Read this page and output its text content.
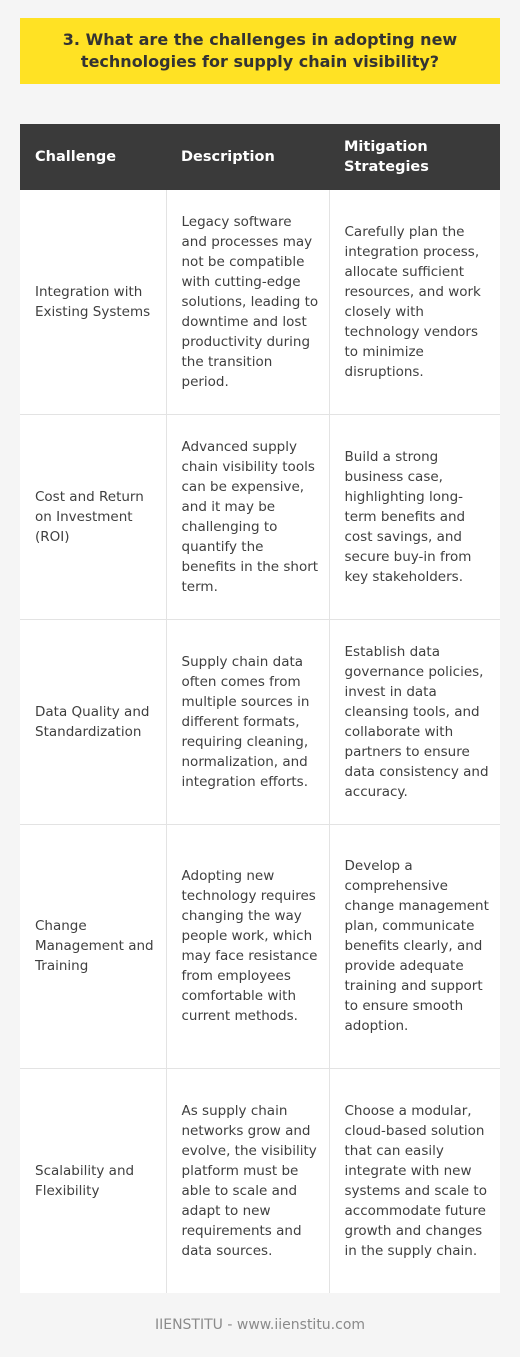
3. What are the challenges in adopting new technologies for supply chain visibility?
Challenge	Description	Mitigation Strategies
Integration with Existing Systems	Legacy software and processes may not be compatible with cutting-edge solutions, leading to downtime and lost productivity during the transition period.	Carefully plan the integration process, allocate sufficient resources, and work closely with technology vendors to minimize disruptions.
Cost and Return on Investment (ROI)	Advanced supply chain visibility tools can be expensive, and it may be challenging to quantify the benefits in the short term.	Build a strong business case, highlighting long-term benefits and cost savings, and secure buy-in from key stakeholders.
Data Quality and Standardization	Supply chain data often comes from multiple sources in different formats, requiring cleaning, normalization, and integration efforts.	Establish data governance policies, invest in data cleansing tools, and collaborate with partners to ensure data consistency and accuracy.
Change Management and Training	Adopting new technology requires changing the way people work, which may face resistance from employees comfortable with current methods.	Develop a comprehensive change management plan, communicate benefits clearly, and provide adequate training and support to ensure smooth adoption.
Scalability and Flexibility	As supply chain networks grow and evolve, the visibility platform must be able to scale and adapt to new requirements and data sources.	Choose a modular, cloud-based solution that can easily integrate with new systems and scale to accommodate future growth and changes in the supply chain.
IIENSTITU - www.iienstitu.com
